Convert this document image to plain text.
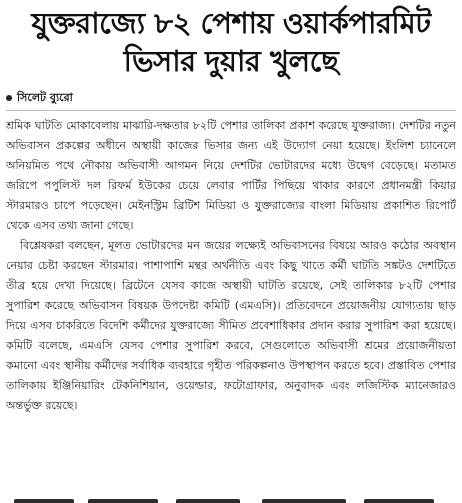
যুক্তরাজ্যে ৮২ পেশায় ওয়ার্কপারমিট
ভিসার দুয়ার খুলছে
সিলেট ব্যুরো

শ্রমিক ঘাটতি মোকাবেলায় মাঝারি-দক্ষতার ৮২টি পেশার তালিকা প্রকাশ করেছে যুক্তরাজ্য। দেশটির নতুন অভিবাসন প্রকল্পের অধীনে অস্থায়ী কাজের ভিসার জন্য এই উদ্যোগ নেয়া হয়েছে। ইংলিশ চ্যানেলে অনিয়মিত পথে নৌকায় অভিবাসী আগমন নিয়ে দেশটির ভোটারদের মধ্যে উদ্বেগ বেড়েছে। মতামত জরিপে পপুলিস্ট দল রিফর্ম ইউকের চেয়ে লেবার পার্টির পিছিয়ে থাকার কারণে প্রধানমন্ত্রী কিয়ার স্টারমারও চাপে পড়েছেন। মেইনস্ট্রিম ব্রিটিশ মিডিয়া ও যুক্তরাজ্যের বাংলা মিডিয়ায় প্রকাশিত রিপোর্ট থেকে এসব তথ্য জানা গেছে।

বিশ্লেষকরা বলছেন, মূলত ভোটারদের মন জয়ের লক্ষ্যেই অভিবাসনের বিষয়ে আরও কঠোর অবস্থান নেয়ার চেষ্টা করছেন স্টারমার। পাশাপাশি মন্থর অর্থনীতি এবং কিছু খাতে কর্মী ঘাটতি সঙ্কটও দেশটিতে তীব্র হয়ে দেখা দিয়েছে। ব্রিটেনে যেসব কাজে অস্থায়ী ঘাটতি রয়েছে, সেই তালিকার ৮২টি পেশার সুপারিশ করেছে অভিবাসন বিষয়ক উপদেষ্টা কমিটি (এমএসি)। প্রতিবেদনে প্রয়োজনীয় যোগ্যতায় ছাড় দিয়ে এসব চাকরিতে বিদেশি কর্মীদের যুক্তরাজ্যে সীমিত প্রবেশাধিকার প্রদান করার সুপারিশ করা হয়েছে। কমিটি বলেছে, এমএসি যেসব পেশার সুপারিশ করবে, সেগুলোতে অভিবাসী শ্রমের প্রয়োজনীয়তা কমানো এবং স্থানীয় কর্মীদের সর্বাধিক ব্যবহারে গৃহীত পরিকল্পনাও উপস্থাপন করতে হবে। প্রস্তাবিত পেশার তালিকায় ইঞ্জিনিয়ারিং টেকনিশিয়ান, ওয়েল্ডার, ফটোগ্রাফার, অনুবাদক এবং লজিস্টিক ম্যানেজারও অন্তর্ভুক্ত রয়েছে।
